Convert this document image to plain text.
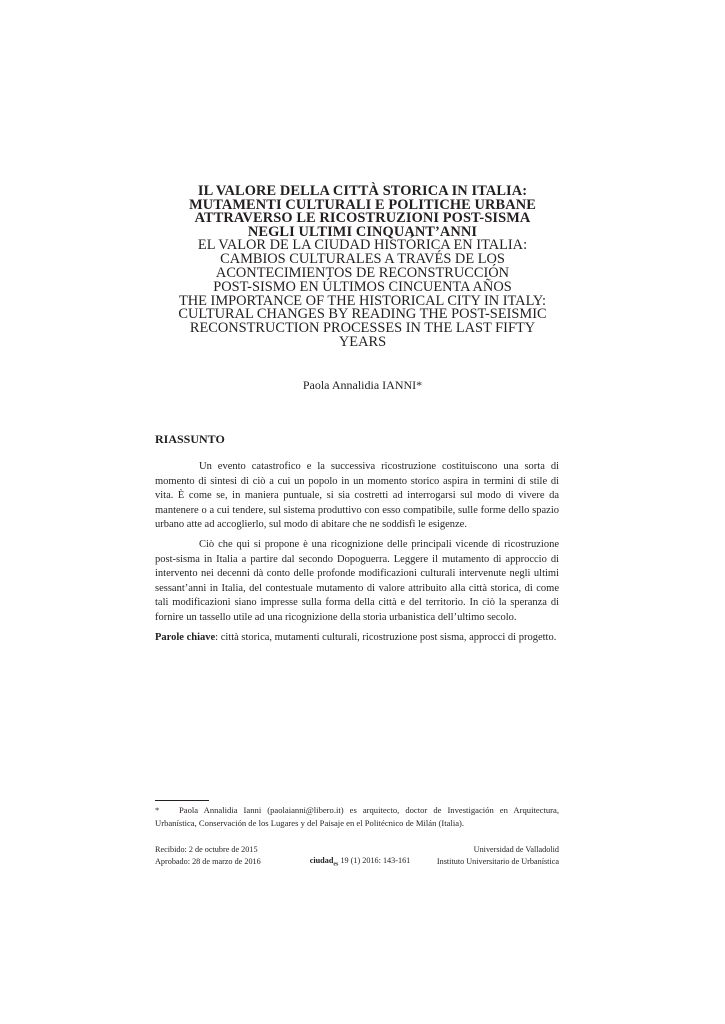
IL VALORE DELLA CITTÀ STORICA IN ITALIA:
MUTAMENTI CULTURALI E POLITICHE URBANE
ATTRAVERSO LE RICOSTRUZIONI POST-SISMA
NEGLI ULTIMI CINQUANT’ANNI
EL VALOR DE LA CIUDAD HISTÓRICA EN ITALIA:
CAMBIOS CULTURALES A TRAVÉS DE LOS
ACONTECIMIENTOS DE RECONSTRUCCIÓN
POST-SISMO EN ÚLTIMOS CINCUENTA AÑOS
THE IMPORTANCE OF THE HISTORICAL CITY IN ITALY:
CULTURAL CHANGES BY READING THE POST-SEISMIC
RECONSTRUCTION PROCESSES IN THE LAST FIFTY
YEARS
Paola Annalidia IANNI*
RIASSUNTO

Un evento catastrofico e la successiva ricostruzione costituiscono una sorta di momento di sintesi di ciò a cui un popolo in un momento storico aspira in termini di stile di vita. È come se, in maniera puntuale, si sia costretti ad interrogarsi sul modo di vivere da mantenere o a cui tendere, sul sistema produttivo con esso compatibile, sulle forme dello spazio urbano atte ad accoglierlo, sul modo di abitare che ne soddisfi le esigenze.

Ciò che qui si propone è una ricognizione delle principali vicende di ricostruzione post-sisma in Italia a partire dal secondo Dopoguerra. Leggere il mutamento di approccio di intervento nei decenni dà conto delle profonde modificazioni culturali intervenute negli ultimi sessant’anni in Italia, del contestuale mutamento di valore attribuito alla città storica, di come tali modificazioni siano impresse sulla forma della città e del territorio. In ciò la speranza di fornire un tassello utile ad una ricognizione della storia urbanistica dell’ultimo secolo.

Parole chiave: città storica, mutamenti culturali, ricostruzione post sisma, approcci di progetto.

* Paola Annalidia Ianni (paolaianni@libero.it) es arquitecto, doctor de Investigación en Arquitectura, Urbanística, Conservación de los Lugares y del Paisaje en el Politécnico de Milán (Italia).
Recibido: 2 de octubre de 2015
Aprobado: 28 de marzo de 2016	ciudad$_{es}$ 19 (1) 2016: 143-161
Universidad de Valladolid
Instituto Universitario de Urbanística
